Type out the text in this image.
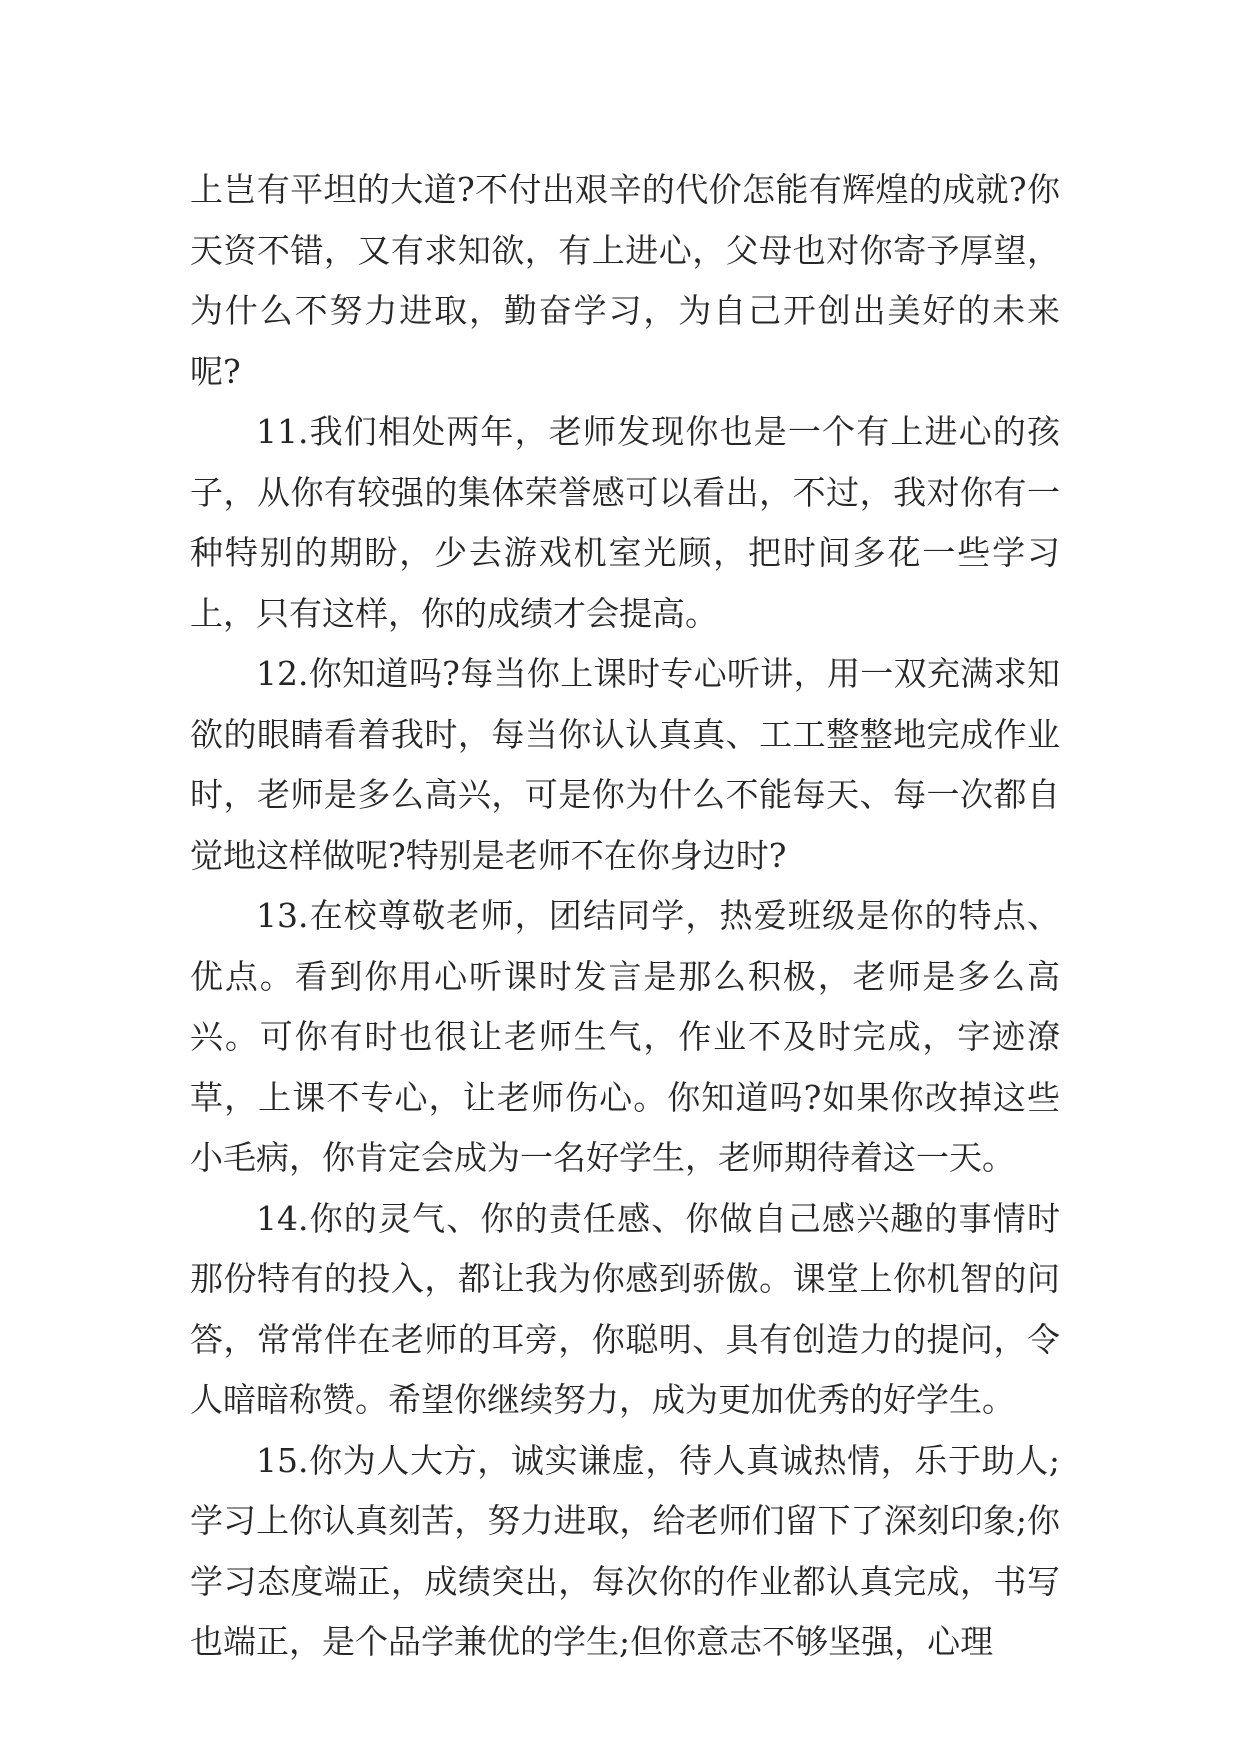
上岂有平坦的大道?不付出艰辛的代价怎能有辉煌的成就?你天资不错，又有求知欲，有上进心，父母也对你寄予厚望，为什么不努力进取，勤奋学习，为自己开创出美好的未来呢?

11.我们相处两年，老师发现你也是一个有上进心的孩子，从你有较强的集体荣誉感可以看出，不过，我对你有一种特别的期盼，少去游戏机室光顾，把时间多花一些学习上，只有这样，你的成绩才会提高。

12.你知道吗?每当你上课时专心听讲，用一双充满求知欲的眼睛看着我时，每当你认认真真、工工整整地完成作业时，老师是多么高兴，可是你为什么不能每天、每一次都自觉地这样做呢?特别是老师不在你身边时?

13.在校尊敬老师，团结同学，热爱班级是你的特点、优点。看到你用心听课时发言是那么积极，老师是多么高兴。可你有时也很让老师生气，作业不及时完成，字迹潦草，上课不专心，让老师伤心。你知道吗?如果你改掉这些小毛病，你肯定会成为一名好学生，老师期待着这一天。

14.你的灵气、你的责任感、你做自己感兴趣的事情时那份特有的投入，都让我为你感到骄傲。课堂上你机智的问答，常常伴在老师的耳旁，你聪明、具有创造力的提问，令人暗暗称赞。希望你继续努力，成为更加优秀的好学生。

15.你为人大方，诚实谦虚，待人真诚热情，乐于助人;学习上你认真刻苦，努力进取，给老师们留下了深刻印象;你学习态度端正，成绩突出，每次你的作业都认真完成，书写也端正，是个品学兼优的学生;但你意志不够坚强，心理
